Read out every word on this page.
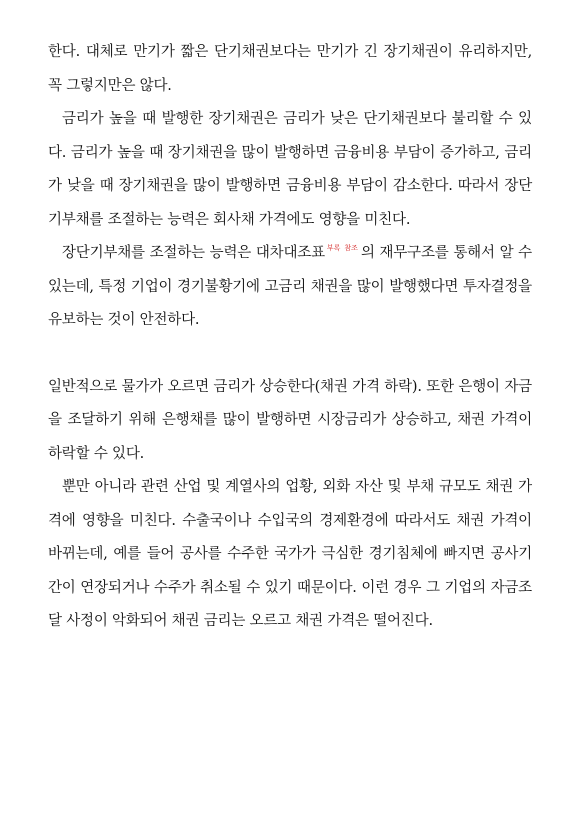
한다. 대체로 만기가 짧은 단기채권보다는 만기가 긴 장기채권이 유리하지만, 꼭 그렇지만은 않다.

금리가 높을 때 발행한 장기채권은 금리가 낮은 단기채권보다 불리할 수 있다. 금리가 높을 때 장기채권을 많이 발행하면 금융비용 부담이 증가하고, 금리가 낮을 때 장기채권을 많이 발행하면 금융비용 부담이 감소한다. 따라서 장단기부채를 조절하는 능력은 회사채 가격에도 영향을 미친다.

장단기부채를 조절하는 능력은 대차대조표 부록 참조 의 재무구조를 통해서 알 수 있는데, 특정 기업이 경기불황기에 고금리 채권을 많이 발행했다면 투자결정을 유보하는 것이 안전하다.

일반적으로 물가가 오르면 금리가 상승한다(채권 가격 하락). 또한 은행이 자금을 조달하기 위해 은행채를 많이 발행하면 시장금리가 상승하고, 채권 가격이 하락할 수 있다.

뿐만 아니라 관련 산업 및 계열사의 업황, 외화 자산 및 부채 규모도 채권 가격에 영향을 미친다. 수출국이나 수입국의 경제환경에 따라서도 채권 가격이 바뀌는데, 예를 들어 공사를 수주한 국가가 극심한 경기침체에 빠지면 공사기간이 연장되거나 수주가 취소될 수 있기 때문이다. 이런 경우 그 기업의 자금조달 사정이 악화되어 채권 금리는 오르고 채권 가격은 떨어진다.
